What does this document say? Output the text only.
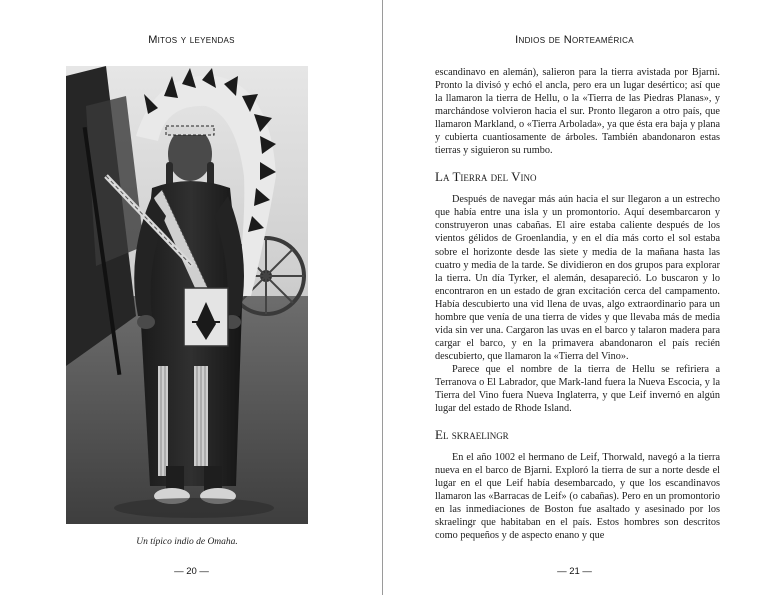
Mitos y leyendas
Un típico indio de Omaha.
— 20 —
Indios de Norteamérica

escandinavo en alemán), salieron para la tierra avistada por Bjarni. Pronto la divisó y echó el ancla, pero era un lugar desértico; así que la llamaron la tierra de Hellu, o la «Tierra de las Piedras Planas», y marchándose volvieron hacia el sur. Pronto llegaron a otro país, que llamaron Markland, o «Tierra Arbolada», ya que ésta era baja y plana y cubierta cuantiosamente de árboles. También abandonaron estas tierras y siguieron su rumbo.

La Tierra del Vino

Después de navegar más aún hacia el sur llegaron a un estrecho que había entre una isla y un promontorio. Aquí desembarcaron y construyeron unas cabañas. El aire estaba caliente después de los vientos gélidos de Groenlandia, y en el día más corto el sol estaba sobre el horizonte desde las siete y media de la mañana hasta las cuatro y media de la tarde. Se dividieron en dos grupos para explorar la tierra. Un día Tyrker, el alemán, desapareció. Lo buscaron y lo encontraron en un estado de gran excitación cerca del campamento. Había descubierto una vid llena de uvas, algo extraordinario para un hombre que venía de una tierra de vides y que llevaba más de media vida sin ver una. Cargaron las uvas en el barco y talaron madera para cargar el barco, y en la primavera abandonaron el país recién descubierto, que llamaron la «Tierra del Vino».

Parece que el nombre de la tierra de Hellu se refiriera a Terranova o El Labrador, que Mark-land fuera la Nueva Escocia, y la Tierra del Vino fuera Nueva Inglaterra, y que Leif invernó en algún lugar del estado de Rhode Island.

El skraelingr

En el año 1002 el hermano de Leif, Thorwald, navegó a la tierra nueva en el barco de Bjarni. Exploró la tierra de sur a norte desde el lugar en el que Leif había desembarcado, y que los escandinavos llamaron las «Barracas de Leif» (o cabañas). Pero en un promontorio en las inmediaciones de Boston fue asaltado y asesinado por los skraelingr que habitaban en el país. Estos hombres son descritos como pequeños y de aspecto enano y que

— 21 —
